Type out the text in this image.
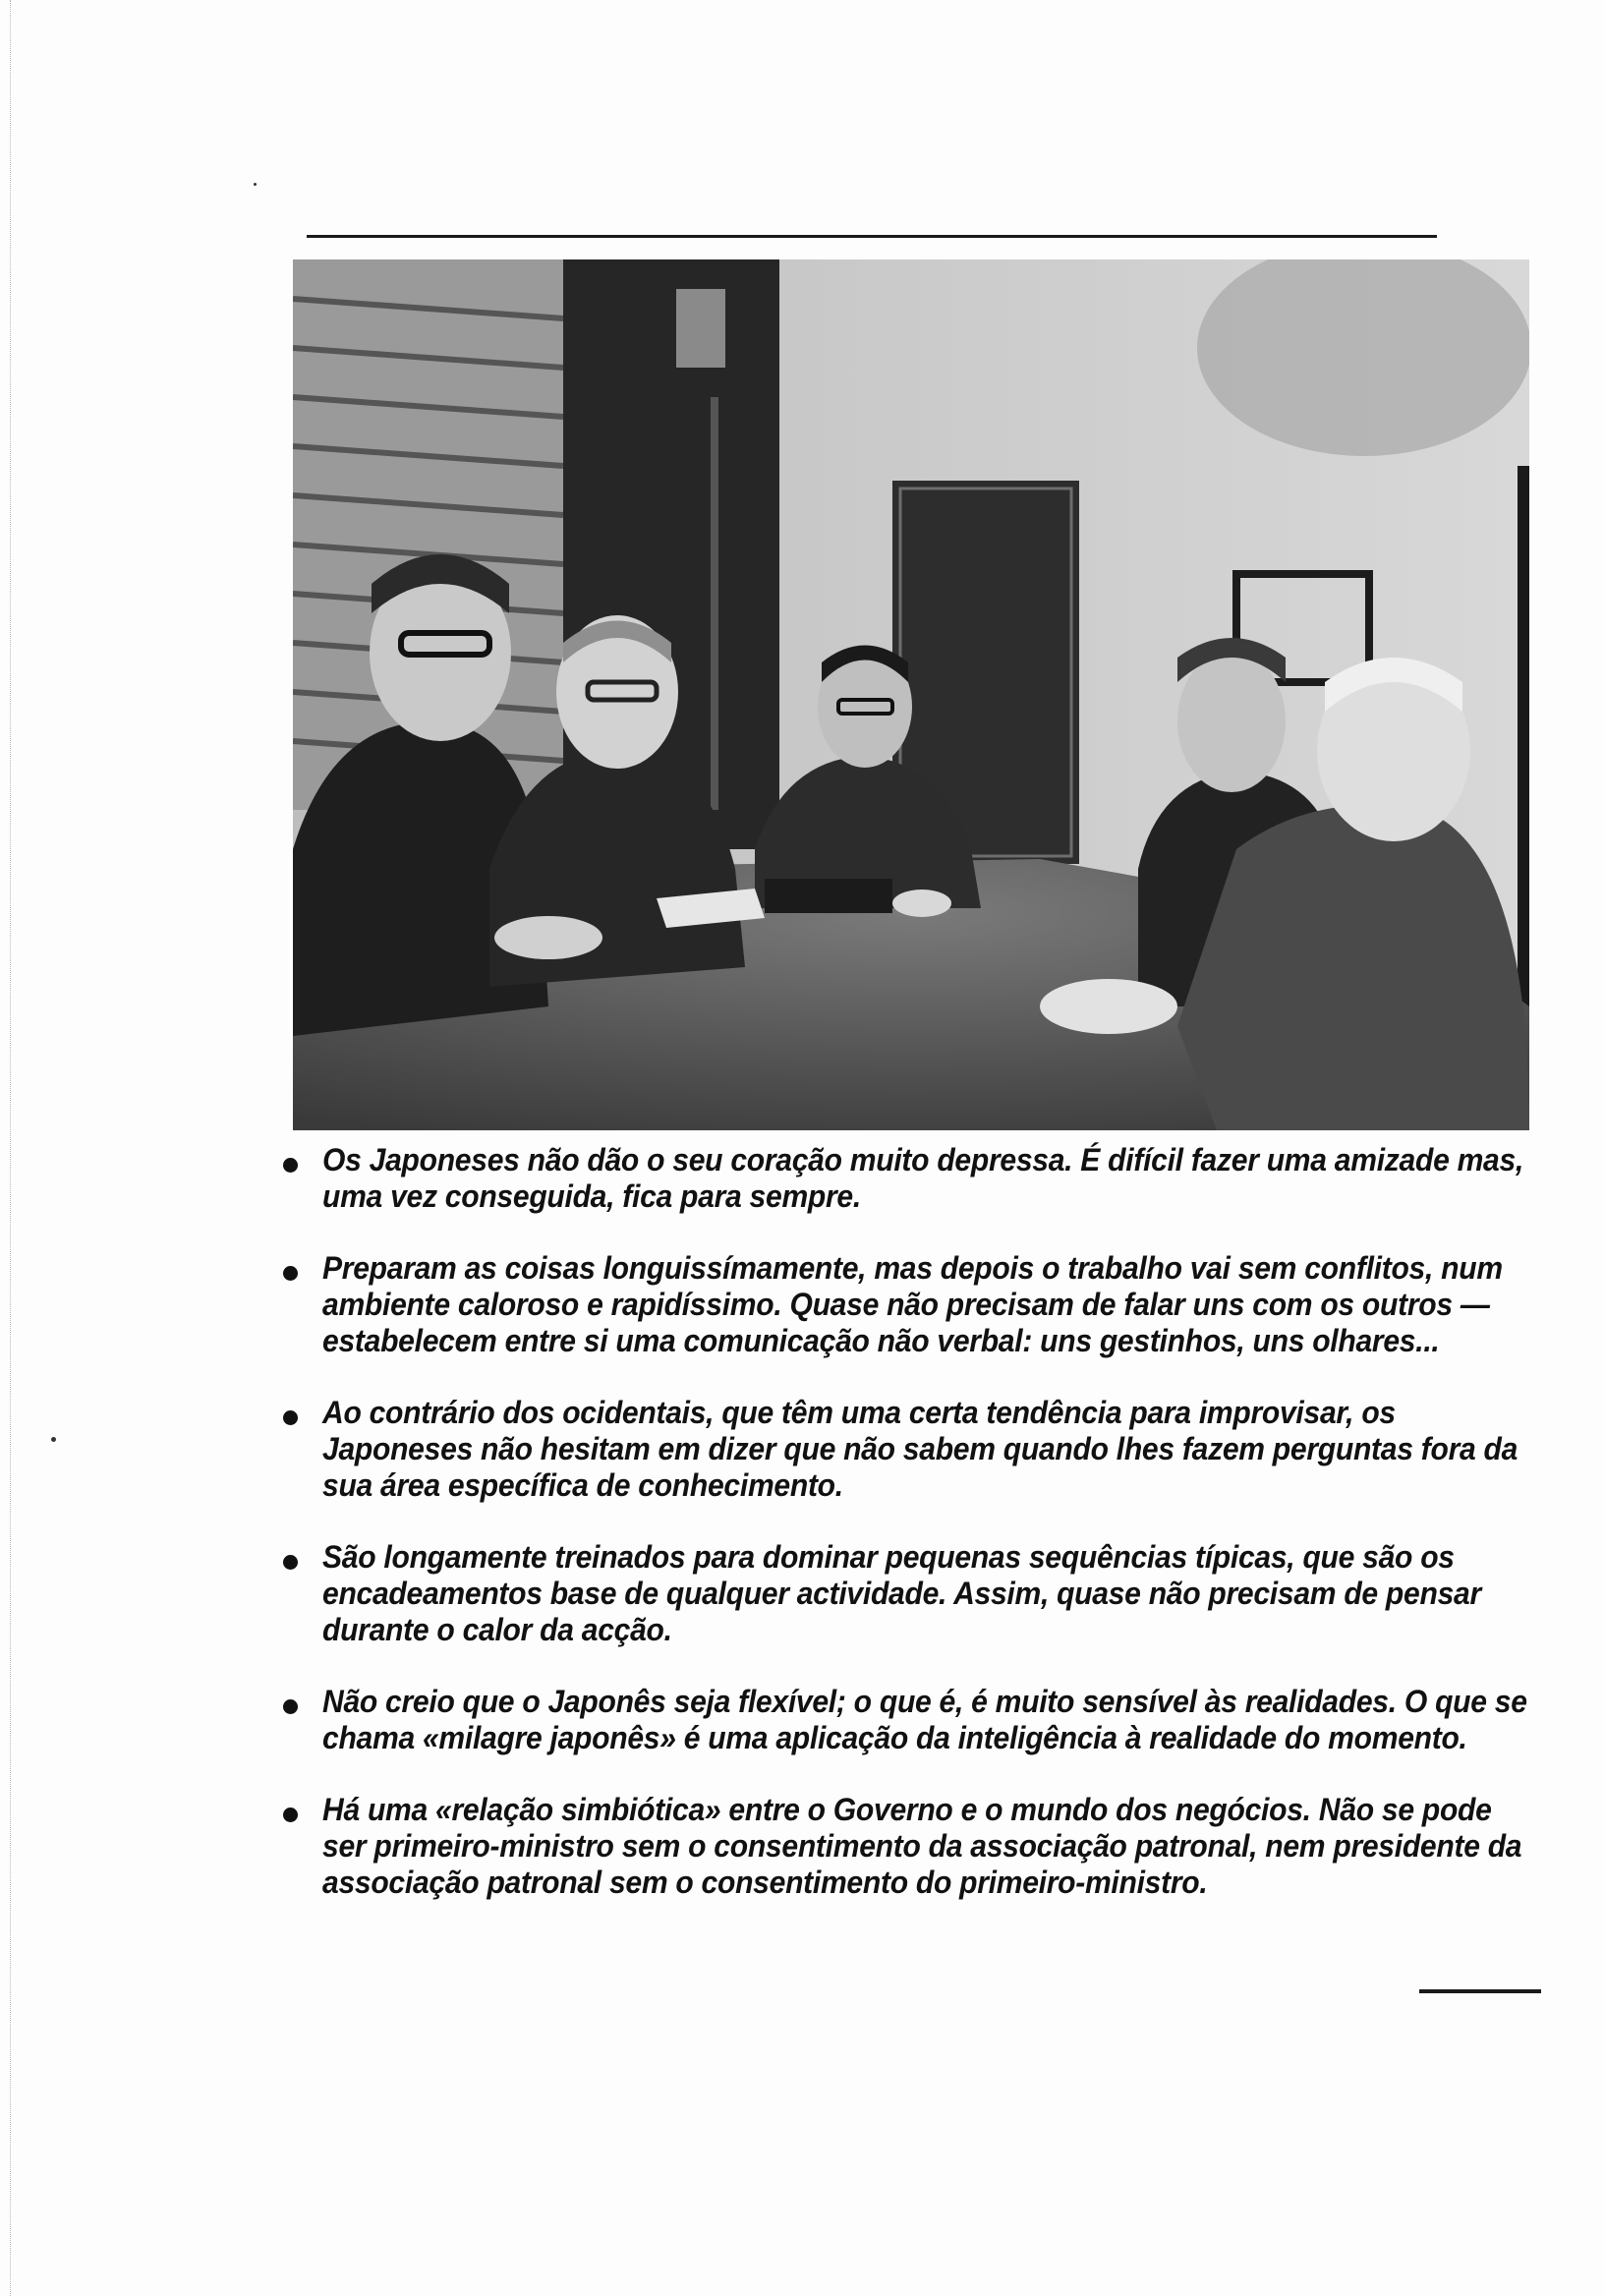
Os Japoneses não dão o seu coração muito depressa. É difícil fazer uma amizade mas, uma vez conseguida, fica para sempre.
Preparam as coisas longuissímamente, mas depois o trabalho vai sem conflitos, num ambiente caloroso e rapidíssimo. Quase não precisam de falar uns com os outros — estabelecem entre si uma comunicação não verbal: uns gestinhos, uns olhares...
Ao contrário dos ocidentais, que têm uma certa tendência para improvisar, os Japoneses não hesitam em dizer que não sabem quando lhes fazem perguntas fora da sua área específica de conhecimento.
São longamente treinados para dominar pequenas sequências típicas, que são os encadeamentos base de qualquer actividade. Assim, quase não precisam de pensar durante o calor da acção.
Não creio que o Japonês seja flexível; o que é, é muito sensível às realidades. O que se chama «milagre japonês» é uma aplicação da inteligência à realidade do momento.
Há uma «relação simbiótica» entre o Governo e o mundo dos negócios. Não se pode ser primeiro-ministro sem o consentimento da associação patronal, nem presidente da associação patronal sem o consentimento do primeiro-ministro.
